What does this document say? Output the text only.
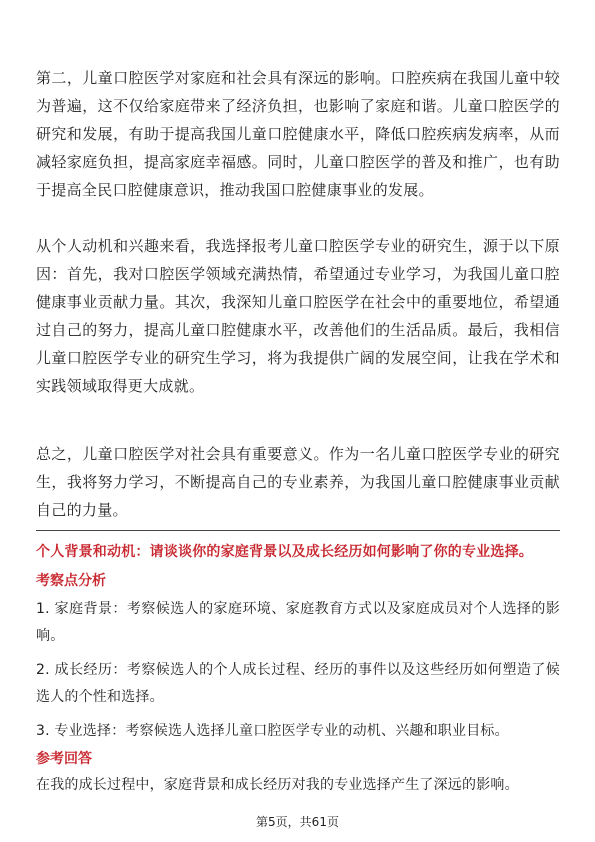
第二，儿童口腔医学对家庭和社会具有深远的影响。口腔疾病在我国儿童中较为普遍，这不仅给家庭带来了经济负担，也影响了家庭和谐。儿童口腔医学的研究和发展，有助于提高我国儿童口腔健康水平，降低口腔疾病发病率，从而减轻家庭负担，提高家庭幸福感。同时，儿童口腔医学的普及和推广，也有助于提高全民口腔健康意识，推动我国口腔健康事业的发展。

从个人动机和兴趣来看，我选择报考儿童口腔医学专业的研究生，源于以下原因：首先，我对口腔医学领域充满热情，希望通过专业学习，为我国儿童口腔健康事业贡献力量。其次，我深知儿童口腔医学在社会中的重要地位，希望通过自己的努力，提高儿童口腔健康水平，改善他们的生活品质。最后，我相信儿童口腔医学专业的研究生学习，将为我提供广阔的发展空间，让我在学术和实践领域取得更大成就。

总之，儿童口腔医学对社会具有重要意义。作为一名儿童口腔医学专业的研究生，我将努力学习，不断提高自己的专业素养，为我国儿童口腔健康事业贡献自己的力量。

个人背景和动机：请谈谈你的家庭背景以及成长经历如何影响了你的专业选择。

考察点分析

1. 家庭背景：考察候选人的家庭环境、家庭教育方式以及家庭成员对个人选择的影响。
2. 成长经历：考察候选人的个人成长过程、经历的事件以及这些经历如何塑造了候选人的个性和选择。
3. 专业选择：考察候选人选择儿童口腔医学专业的动机、兴趣和职业目标。

参考回答

在我的成长过程中，家庭背景和成长经历对我的专业选择产生了深远的影响。

第5页，共61页
